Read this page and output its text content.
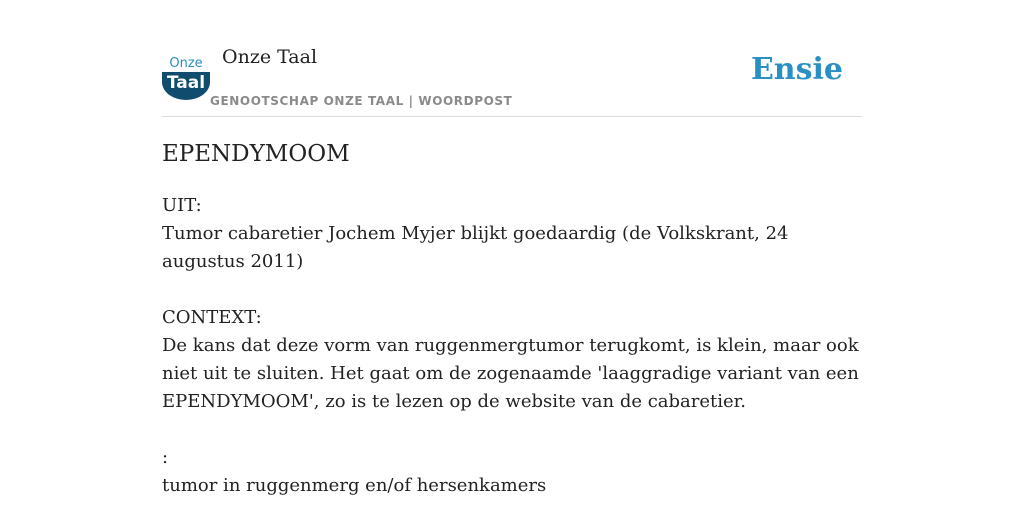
Onze
Taal
Onze Taal
GENOOTSCHAP ONZE TAAL | WOORDPOST
Ensie
EPENDYMOOM

UIT:

Tumor cabaretier Jochem Myjer blijkt goedaardig (de Volkskrant, 24 augustus 2011)

CONTEXT:

De kans dat deze vorm van ruggenmergtumor terugkomt, is klein, maar ook niet uit te sluiten. Het gaat om de zogenaamde 'laaggradige variant van een EPENDYMOOM', zo is te lezen op de website van de cabaretier.

:

tumor in ruggenmerg en/of hersenkamers
